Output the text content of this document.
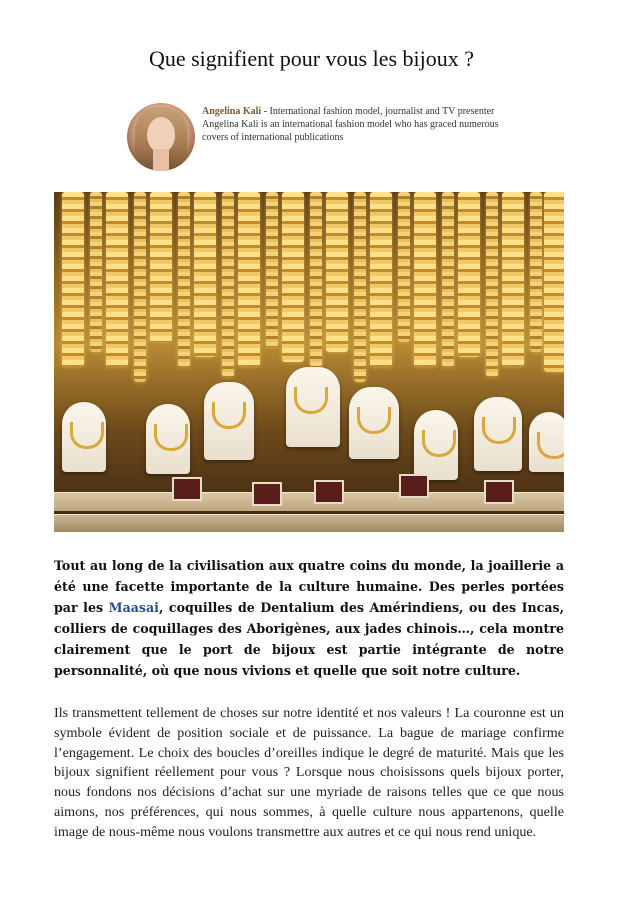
Que signifient pour vous les bijoux ?
Angelina Kali - International fashion model, journalist and TV presenter
Angelina Kali is an international fashion model who has graced numerous covers of international publications

Tout au long de la civilisation aux quatre coins du monde, la joaillerie a été une facette importante de la culture humaine. Des perles portées par les Maasai, coquilles de Dentalium des Amérindiens, ou des Incas, colliers de coquillages des Aborigènes, aux jades chinois…, cela montre clairement que le port de bijoux est partie intégrante de notre personnalité, où que nous vivions et quelle que soit notre culture.

Ils transmettent tellement de choses sur notre identité et nos valeurs ! La couronne est un symbole évident de position sociale et de puissance. La bague de mariage confirme l’engagement. Le choix des boucles d’oreilles indique le degré de maturité. Mais que les bijoux signifient réellement pour vous ? Lorsque nous choisissons quels bijoux porter, nous fondons nos décisions d’achat sur une myriade de raisons telles que ce que nous aimons, nos préférences, qui nous sommes, à quelle culture nous appartenons, quelle image de nous-même nous voulons transmettre aux autres et ce qui nous rend unique.
